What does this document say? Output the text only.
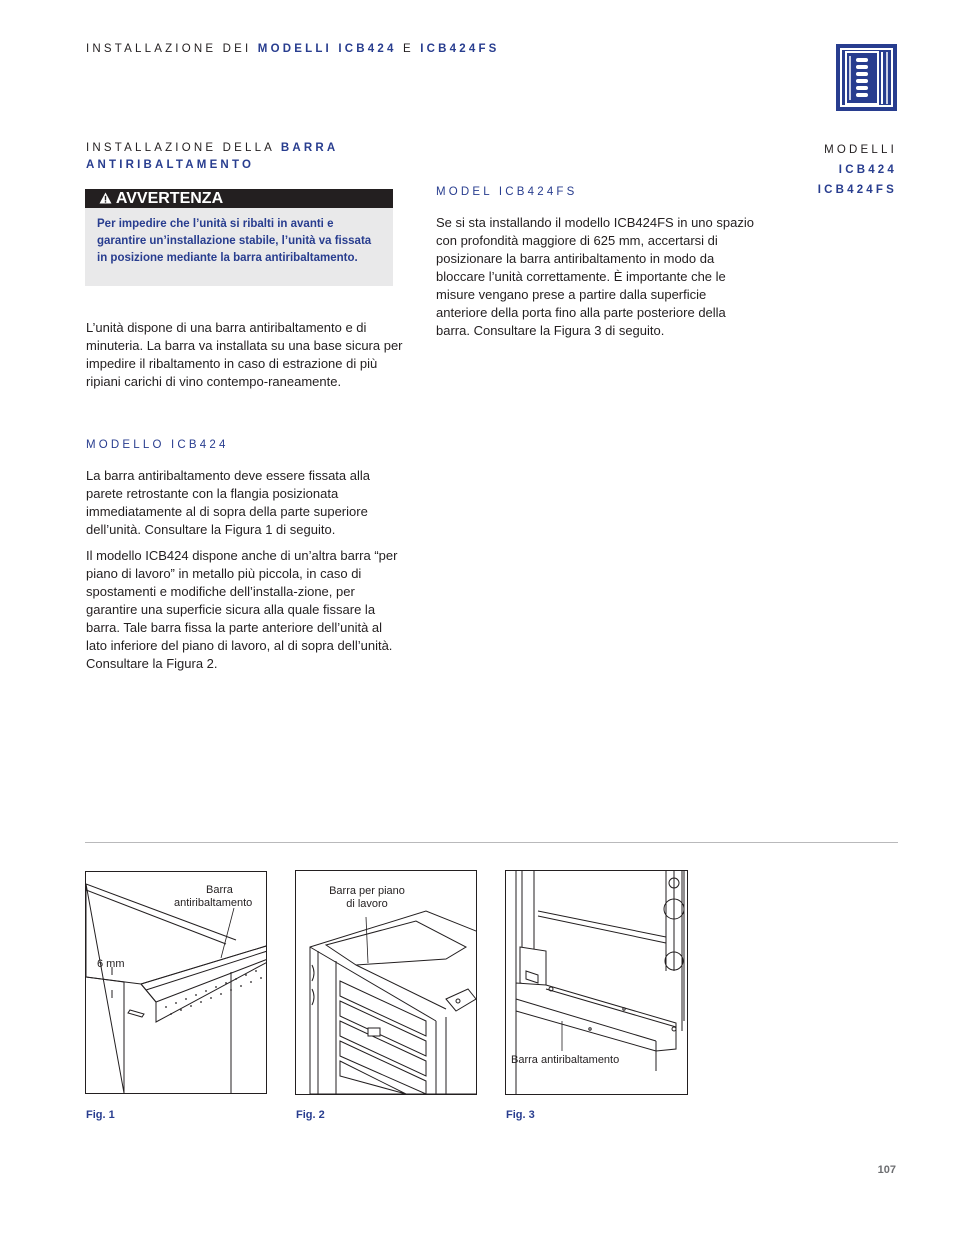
INSTALLAZIONE DEI MODELLI ICB424 E ICB424FS
MODELLI
ICB424
ICB424FS
INSTALLAZIONE DELLA BARRA
ANTIRIBALTAMENTO
AVVERTENZA
Per impedire che l’unità si ribalti in avanti e garantire un’installazione stabile, l’unità va fissata in posizione mediante la barra antiribaltamento.
L’unità dispone di una barra antiribaltamento e di minuteria. La barra va installata su una base sicura per impedire il ribaltamento in caso di estrazione di più ripiani carichi di vino contempo-raneamente.
MODELLO ICB424

La barra antiribaltamento deve essere fissata alla parete retrostante con la flangia posizionata immediatamente al di sopra della parte superiore dell’unità. Consultare la Figura 1 di seguito.

Il modello ICB424 dispone anche di un’altra barra “per piano di lavoro” in metallo più piccola, in caso di spostamenti e modifiche dell’installa-zione, per garantire una superficie sicura alla quale fissare la barra. Tale barra fissa la parte anteriore dell’unità al lato inferiore del piano di lavoro, al di sopra dell’unità. Consultare la Figura 2.

MODEL ICB424FS
Se si sta installando il modello ICB424FS in uno spazio con profondità maggiore di 625 mm, accertarsi di posizionare la barra antiribaltamento in modo da bloccare l’unità correttamente. È importante che le misure vengano prese a partire dalla superficie anteriore della porta fino alla parte posteriore della barra. Consultare la Figura 3 di seguito.
Barra
antiribaltamento
6 mm
Fig. 1
Barra per piano
di lavoro
Fig. 2
Barra antiribaltamento
Fig. 3
107
